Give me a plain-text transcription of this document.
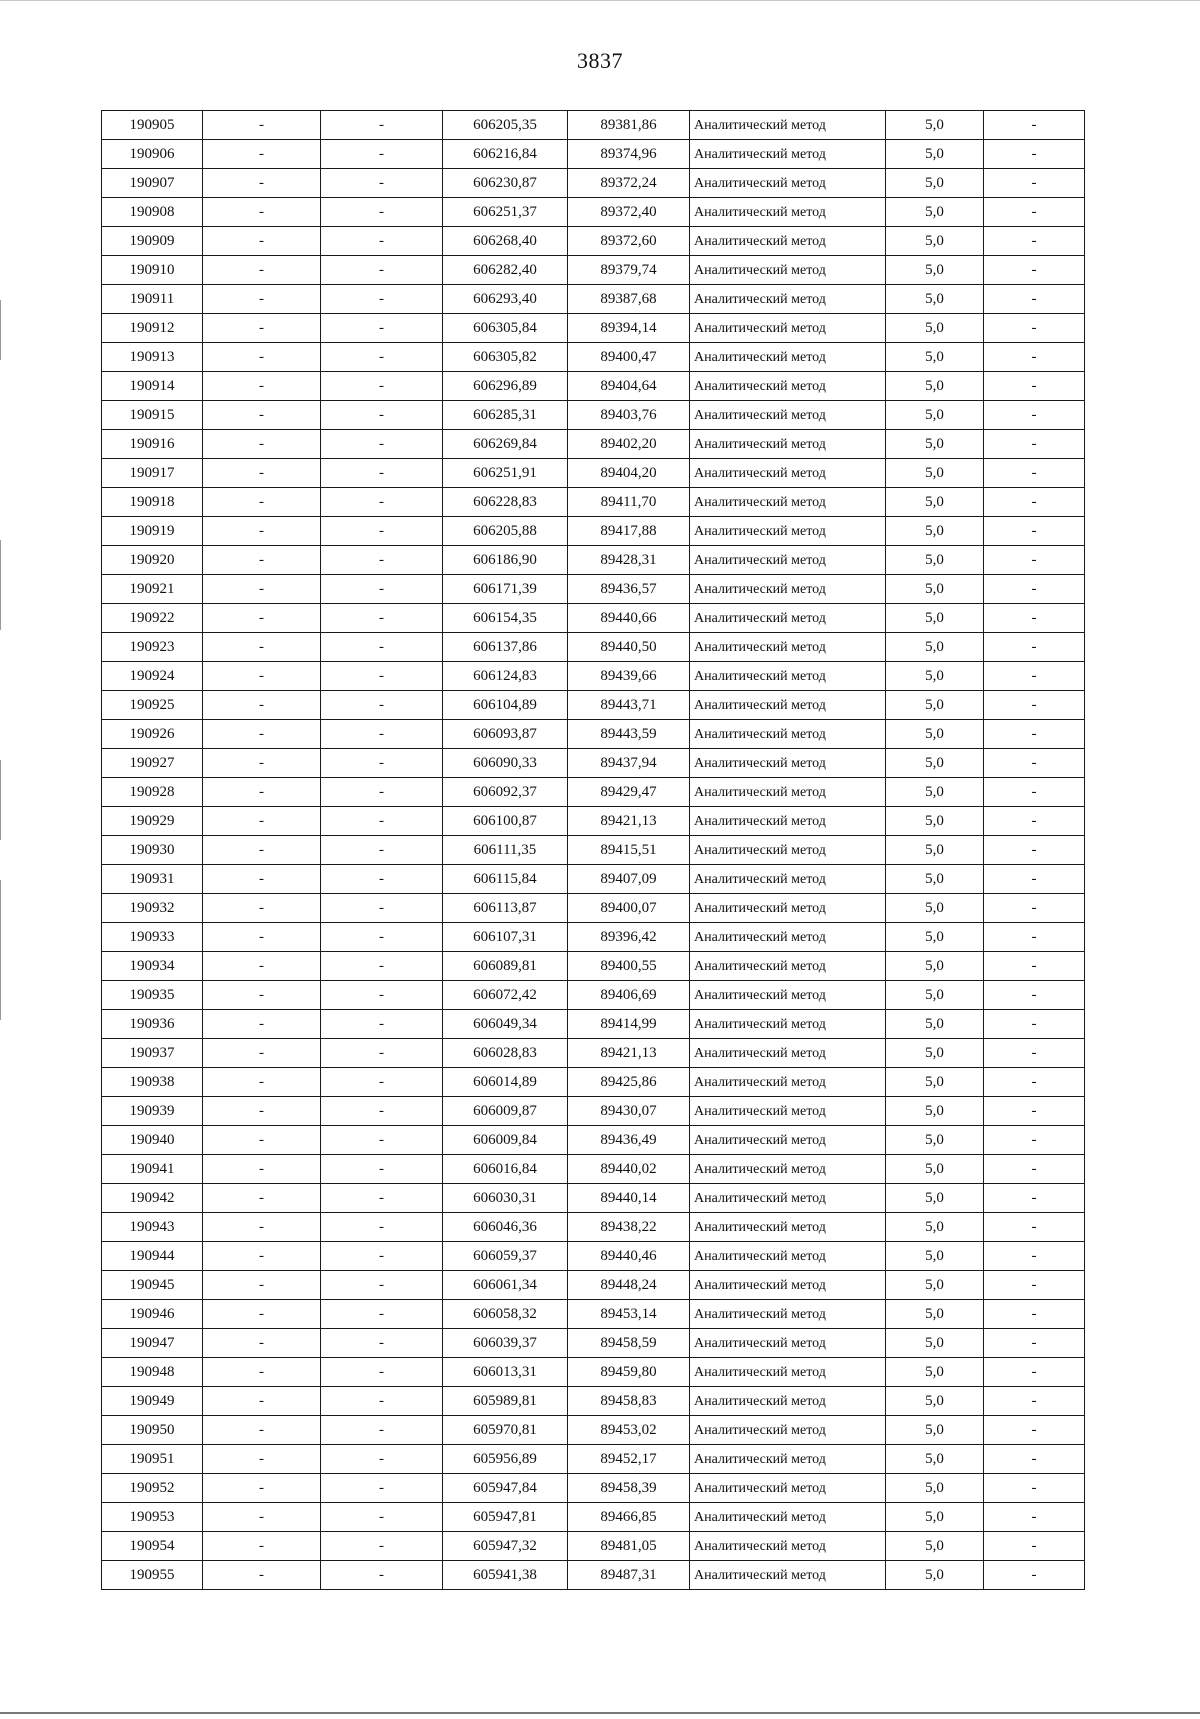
3837
190905	-	-	606205,35	89381,86	Аналитический метод	5,0	-
190906	-	-	606216,84	89374,96	Аналитический метод	5,0	-
190907	-	-	606230,87	89372,24	Аналитический метод	5,0	-
190908	-	-	606251,37	89372,40	Аналитический метод	5,0	-
190909	-	-	606268,40	89372,60	Аналитический метод	5,0	-
190910	-	-	606282,40	89379,74	Аналитический метод	5,0	-
190911	-	-	606293,40	89387,68	Аналитический метод	5,0	-
190912	-	-	606305,84	89394,14	Аналитический метод	5,0	-
190913	-	-	606305,82	89400,47	Аналитический метод	5,0	-
190914	-	-	606296,89	89404,64	Аналитический метод	5,0	-
190915	-	-	606285,31	89403,76	Аналитический метод	5,0	-
190916	-	-	606269,84	89402,20	Аналитический метод	5,0	-
190917	-	-	606251,91	89404,20	Аналитический метод	5,0	-
190918	-	-	606228,83	89411,70	Аналитический метод	5,0	-
190919	-	-	606205,88	89417,88	Аналитический метод	5,0	-
190920	-	-	606186,90	89428,31	Аналитический метод	5,0	-
190921	-	-	606171,39	89436,57	Аналитический метод	5,0	-
190922	-	-	606154,35	89440,66	Аналитический метод	5,0	-
190923	-	-	606137,86	89440,50	Аналитический метод	5,0	-
190924	-	-	606124,83	89439,66	Аналитический метод	5,0	-
190925	-	-	606104,89	89443,71	Аналитический метод	5,0	-
190926	-	-	606093,87	89443,59	Аналитический метод	5,0	-
190927	-	-	606090,33	89437,94	Аналитический метод	5,0	-
190928	-	-	606092,37	89429,47	Аналитический метод	5,0	-
190929	-	-	606100,87	89421,13	Аналитический метод	5,0	-
190930	-	-	606111,35	89415,51	Аналитический метод	5,0	-
190931	-	-	606115,84	89407,09	Аналитический метод	5,0	-
190932	-	-	606113,87	89400,07	Аналитический метод	5,0	-
190933	-	-	606107,31	89396,42	Аналитический метод	5,0	-
190934	-	-	606089,81	89400,55	Аналитический метод	5,0	-
190935	-	-	606072,42	89406,69	Аналитический метод	5,0	-
190936	-	-	606049,34	89414,99	Аналитический метод	5,0	-
190937	-	-	606028,83	89421,13	Аналитический метод	5,0	-
190938	-	-	606014,89	89425,86	Аналитический метод	5,0	-
190939	-	-	606009,87	89430,07	Аналитический метод	5,0	-
190940	-	-	606009,84	89436,49	Аналитический метод	5,0	-
190941	-	-	606016,84	89440,02	Аналитический метод	5,0	-
190942	-	-	606030,31	89440,14	Аналитический метод	5,0	-
190943	-	-	606046,36	89438,22	Аналитический метод	5,0	-
190944	-	-	606059,37	89440,46	Аналитический метод	5,0	-
190945	-	-	606061,34	89448,24	Аналитический метод	5,0	-
190946	-	-	606058,32	89453,14	Аналитический метод	5,0	-
190947	-	-	606039,37	89458,59	Аналитический метод	5,0	-
190948	-	-	606013,31	89459,80	Аналитический метод	5,0	-
190949	-	-	605989,81	89458,83	Аналитический метод	5,0	-
190950	-	-	605970,81	89453,02	Аналитический метод	5,0	-
190951	-	-	605956,89	89452,17	Аналитический метод	5,0	-
190952	-	-	605947,84	89458,39	Аналитический метод	5,0	-
190953	-	-	605947,81	89466,85	Аналитический метод	5,0	-
190954	-	-	605947,32	89481,05	Аналитический метод	5,0	-
190955	-	-	605941,38	89487,31	Аналитический метод	5,0	-
